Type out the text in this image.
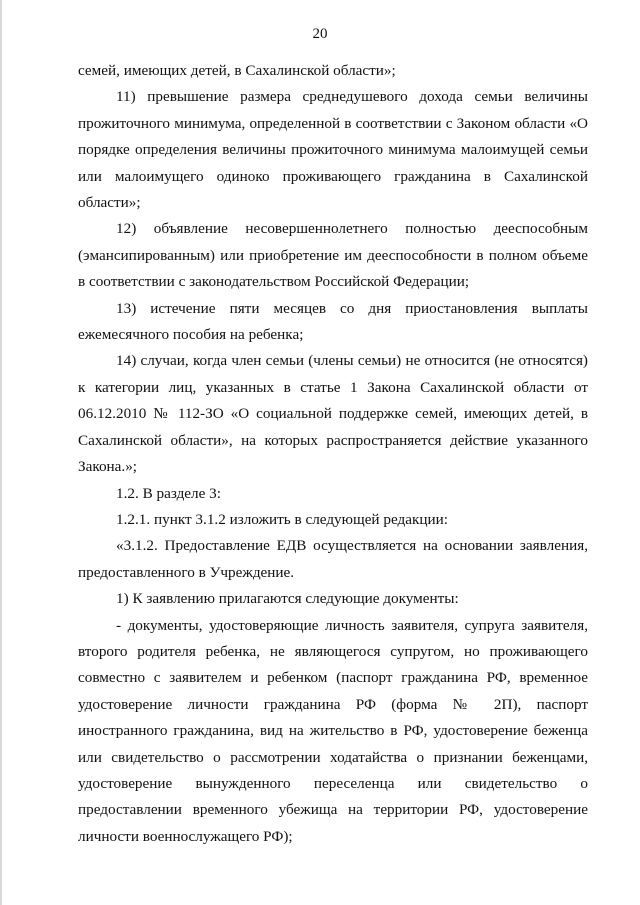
20

семей, имеющих детей, в Сахалинской области»;

11) превышение размера среднедушевого дохода семьи величины прожиточного минимума, определенной в соответствии с Законом области «О порядке определения величины прожиточного минимума малоимущей семьи или малоимущего одиноко проживающего гражданина в Сахалинской области»;

12) объявление несовершеннолетнего полностью дееспособным (эмансипированным) или приобретение им дееспособности в полном объеме в соответствии с законодательством Российской Федерации;

13) истечение пяти месяцев со дня приостановления выплаты ежемесячного пособия на ребенка;

14) случаи, когда член семьи (члены семьи) не относится (не относятся) к категории лиц, указанных в статье 1 Закона Сахалинской области от 06.12.2010 № 112-ЗО «О социальной поддержке семей, имеющих детей, в Сахалинской области», на которых распространяется действие указанного Закона.»;

1.2. В разделе 3:

1.2.1. пункт 3.1.2 изложить в следующей редакции:

«3.1.2. Предоставление ЕДВ осуществляется на основании заявления, предоставленного в Учреждение.

1) К заявлению прилагаются следующие документы:

- документы, удостоверяющие личность заявителя, супруга заявителя, второго родителя ребенка, не являющегося супругом, но проживающего совместно с заявителем и ребенком (паспорт гражданина РФ, временное удостоверение личности гражданина РФ (форма № 2П), паспорт иностранного гражданина, вид на жительство в РФ, удостоверение беженца или свидетельство о рассмотрении ходатайства о признании беженцами, удостоверение вынужденного переселенца или свидетельство о предоставлении временного убежища на территории РФ, удостоверение личности военнослужащего РФ);
